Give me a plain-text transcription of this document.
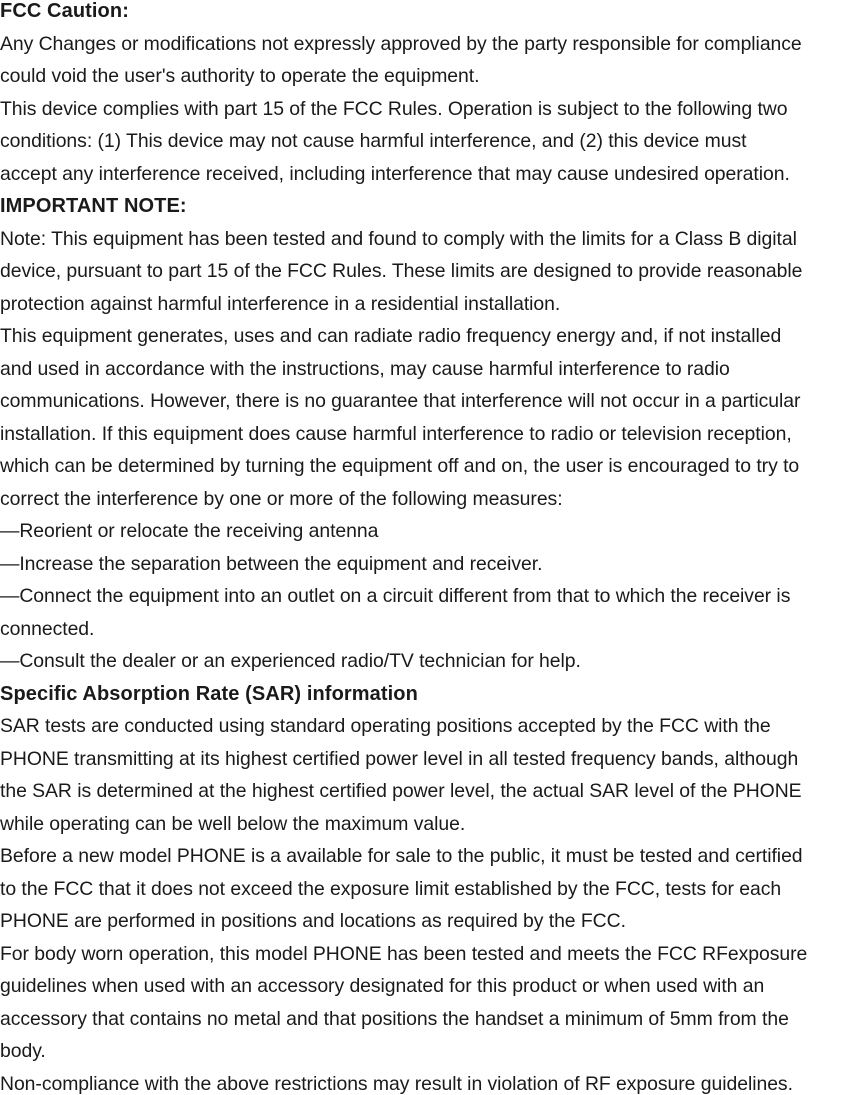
FCC Caution:
Any Changes or modifications not expressly approved by the party responsible for compliance
could void the user's authority to operate the equipment.
This device complies with part 15 of the FCC Rules. Operation is subject to the following two
conditions: (1) This device may not cause harmful interference, and (2) this device must
accept any interference received, including interference that may cause undesired operation.
IMPORTANT NOTE:
Note: This equipment has been tested and found to comply with the limits for a Class B digital
device, pursuant to part 15 of the FCC Rules. These limits are designed to provide reasonable
protection against harmful interference in a residential installation.
This equipment generates, uses and can radiate radio frequency energy and, if not installed
and used in accordance with the instructions, may cause harmful interference to radio
communications. However, there is no guarantee that interference will not occur in a particular
installation. If this equipment does cause harmful interference to radio or television reception,
which can be determined by turning the equipment off and on, the user is encouraged to try to
correct the interference by one or more of the following measures:
—Reorient or relocate the receiving antenna
—Increase the separation between the equipment and receiver.
—Connect the equipment into an outlet on a circuit different from that to which the receiver is
connected.
—Consult the dealer or an experienced radio/TV technician for help.
Specific Absorption Rate (SAR) information
SAR tests are conducted using standard operating positions accepted by the FCC with the
PHONE transmitting at its highest certified power level in all tested frequency bands, although
the SAR is determined at the highest certified power level, the actual SAR level of the PHONE
while operating can be well below the maximum value.
Before a new model PHONE is a available for sale to the public, it must be tested and certified
to the FCC that it does not exceed the exposure limit established by the FCC, tests for each
PHONE are performed in positions and locations as required by the FCC.
For body worn operation, this model PHONE has been tested and meets the FCC RFexposure
guidelines when used with an accessory designated for this product or when used with an
accessory that contains no metal and that positions the handset a minimum of 5mm from the
body.
Non-compliance with the above restrictions may result in violation of RF exposure guidelines.
